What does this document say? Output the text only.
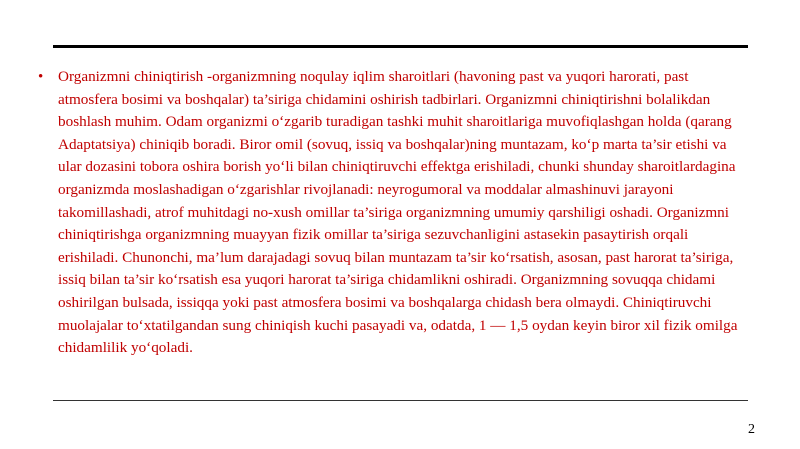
• Organizmni chiniqtirish -organizmning noqulay iqlim sharoitlari (havoning past va yuqori harorati, past atmosfera bosimi va boshqalar) ta’siriga chidamini oshirish tadbirlari. Organizmni chiniqtirishni bolalikdan boshlash muhim. Odam organizmi oʻzgarib turadigan tashki muhit sharoitlariga muvofiqlashgan holda (qarang Adaptatsiya) chiniqib boradi. Biror omil (sovuq, issiq va boshqalar)ning muntazam, koʻp marta ta’sir etishi va ular dozasini tobora oshira borish yoʻli bilan chiniqtiruvchi effektga erishiladi, chunki shunday sharoitlardagina organizmda moslashadigan oʻzgarishlar rivojlanadi: neyrogumoral va moddalar almashinuvi jarayoni takomillashadi, atrof muhitdagi no-xush omillar ta’siriga organizmning umumiy qarshiligi oshadi. Organizmni chiniqtirishga organizmning muayyan fizik omillar ta’siriga sezuvchanligini astasekin pasaytirish orqali erishiladi. Chunonchi, ma’lum darajadagi sovuq bilan muntazam ta’sir koʻrsatish, asosan, past harorat ta’siriga, issiq bilan ta’sir koʻrsatish esa yuqori harorat ta’siriga chidamlikni oshiradi. Organizmning sovuqqa chidami oshirilgan bulsada, issiqqa yoki past atmosfera bosimi va boshqalarga chidash bera olmaydi. Chiniqtiruvchi muolajalar toʻxtatilgandan sung chiniqish kuchi pasayadi va, odatda, 1 — 1,5 oydan keyin biror xil fizik omilga chidamlilik yoʻqoladi.

2
